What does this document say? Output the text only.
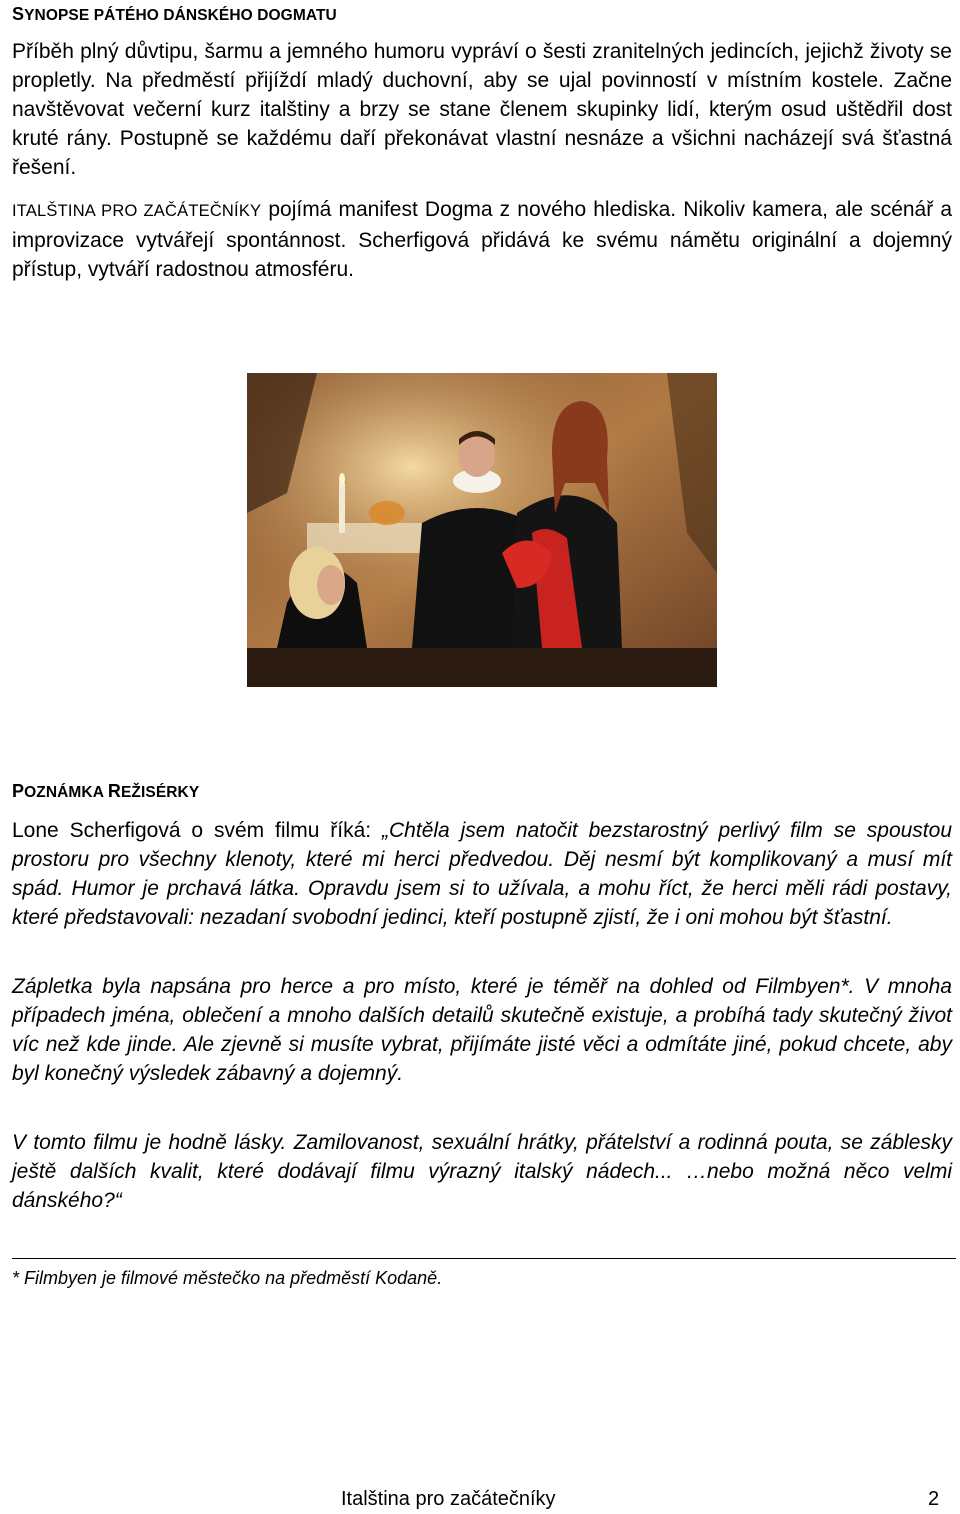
SYNOPSE PÁTÉHO DÁNSKÉHO DOGMATU

Příběh plný důvtipu, šarmu a jemného humoru vypráví o šesti zranitelných jedincích, jejichž životy se propletly. Na předměstí přijíždí mladý duchovní, aby se ujal povinností v místním kostele. Začne navštěvovat večerní kurz italštiny a brzy se stane členem skupinky lidí, kterým osud uštědřil dost kruté rány. Postupně se každému daří překonávat vlastní nesnáze a všichni nacházejí svá šťastná řešení.

ITALŠTINA PRO ZAČÁTEČNÍKY pojímá manifest Dogma z nového hlediska. Nikoliv kamera, ale scénář a improvizace vytvářejí spontánnost. Scherfigová přidává ke svému námětu originální a dojemný přístup, vytváří radostnou atmosféru.

POZNÁMKA REŽISÉRKY

Lone Scherfigová o svém filmu říká: „Chtěla jsem natočit bezstarostný perlivý film se spoustou prostoru pro všechny klenoty, které mi herci předvedou. Děj nesmí být komplikovaný a musí mít spád. Humor je prchavá látka. Opravdu jsem si to užívala, a mohu říct, že herci měli rádi postavy, které představovali: nezadaní svobodní jedinci, kteří postupně zjistí, že i oni mohou být šťastní.

Zápletka byla napsána pro herce a pro místo, které je téměř na dohled od Filmbyen*. V mnoha případech jména, oblečení a mnoho dalších detailů skutečně existuje, a probíhá tady skutečný život víc než kde jinde. Ale zjevně si musíte vybrat, přijímáte jisté věci a odmítáte jiné, pokud chcete, aby byl konečný výsledek zábavný a dojemný.

V tomto filmu je hodně lásky. Zamilovanost, sexuální hrátky, přátelství a rodinná pouta, se záblesky ještě dalších kvalit, které dodávají filmu výrazný italský nádech... …nebo možná něco velmi dánského?“

* Filmbyen je filmové městečko na předměstí Kodaně.
Italština pro začátečníky	2
